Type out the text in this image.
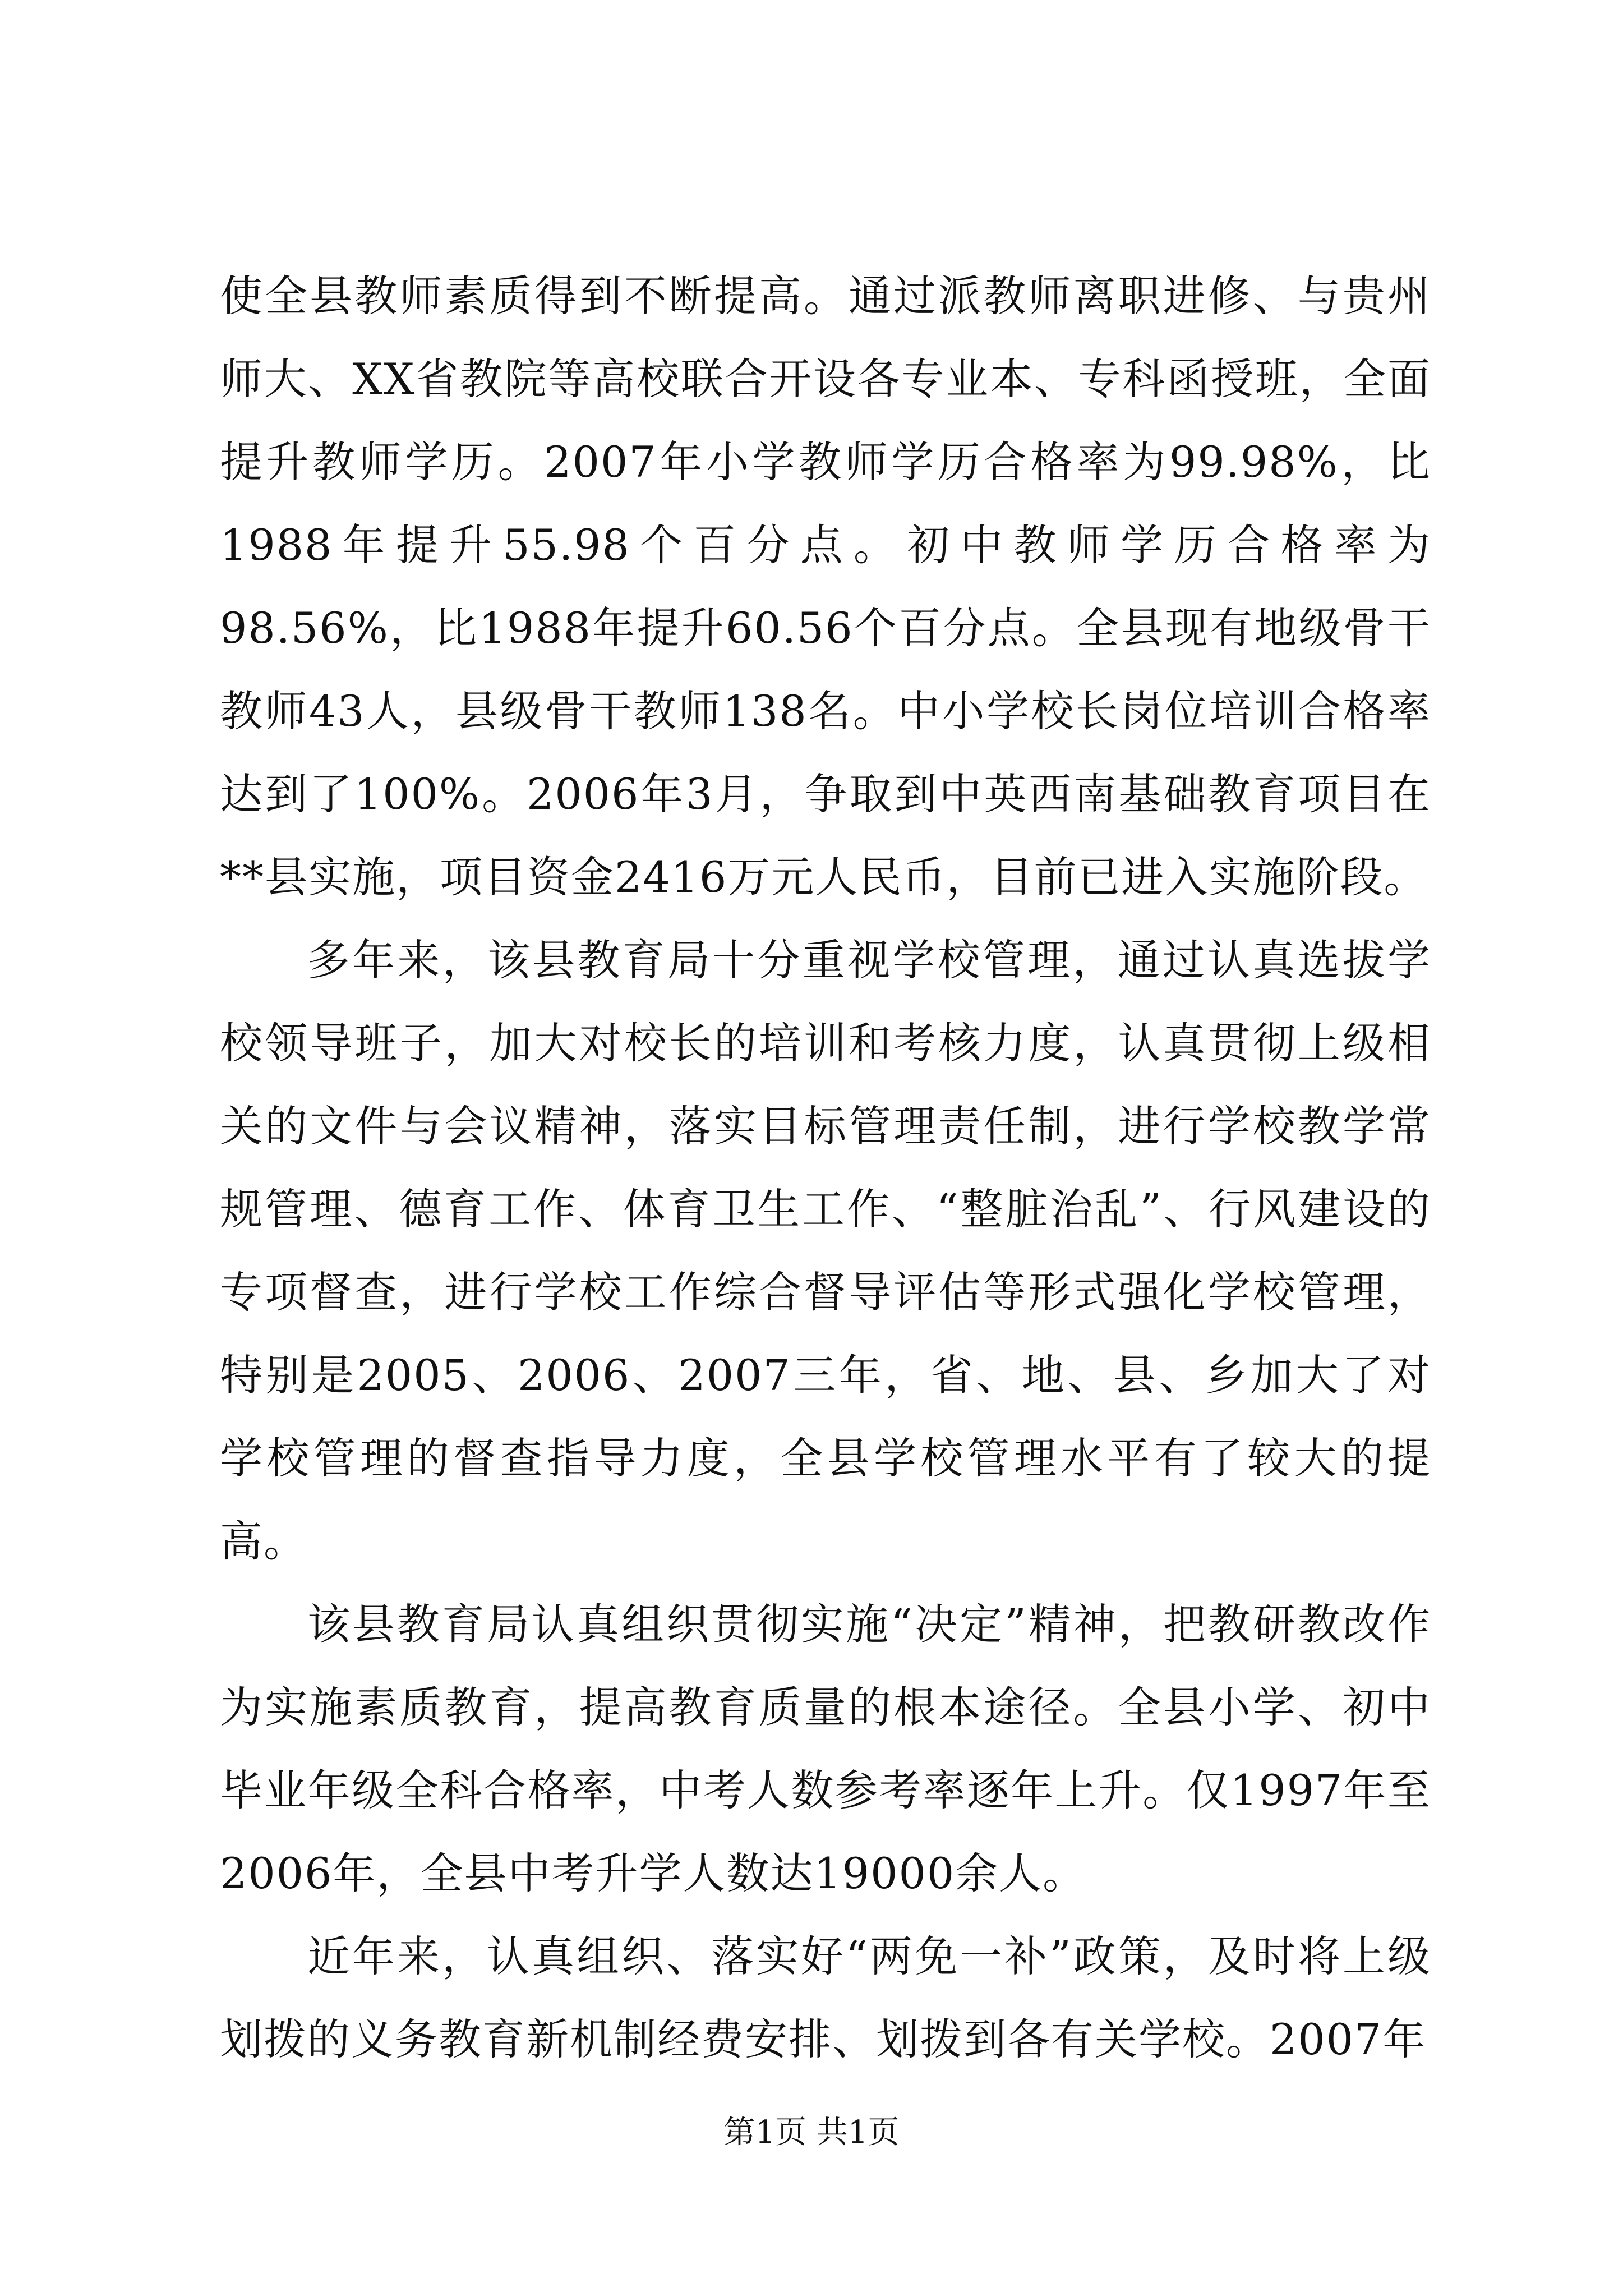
使全县教师素质得到不断提高。通过派教师离职进修、与贵州师大、XX省教院等高校联合开设各专业本、专科函授班，全面提升教师学历。2007年小学教师学历合格率为99.98%，比1988年提升55.98个百分点。初中教师学历合格率为98.56%，比1988年提升60.56个百分点。全县现有地级骨干教师43人，县级骨干教师138名。中小学校长岗位培训合格率达到了100%。2006年3月，争取到中英西南基础教育项目在**县实施，项目资金2416万元人民币，目前已进入实施阶段。

多年来，该县教育局十分重视学校管理，通过认真选拔学校领导班子，加大对校长的培训和考核力度，认真贯彻上级相关的文件与会议精神，落实目标管理责任制，进行学校教学常规管理、德育工作、体育卫生工作、“整脏治乱”、行风建设的专项督查，进行学校工作综合督导评估等形式强化学校管理，特别是2005、2006、2007三年，省、地、县、乡加大了对学校管理的督查指导力度，全县学校管理水平有了较大的提高。

该县教育局认真组织贯彻实施“决定”精神，把教研教改作为实施素质教育，提高教育质量的根本途径。全县小学、初中毕业年级全科合格率，中考人数参考率逐年上升。仅1997年至2006年，全县中考升学人数达19000余人。

近年来，认真组织、落实好“两免一补”政策，及时将上级划拨的义务教育新机制经费安排、划拨到各有关学校。2007年

第1页 共1页
